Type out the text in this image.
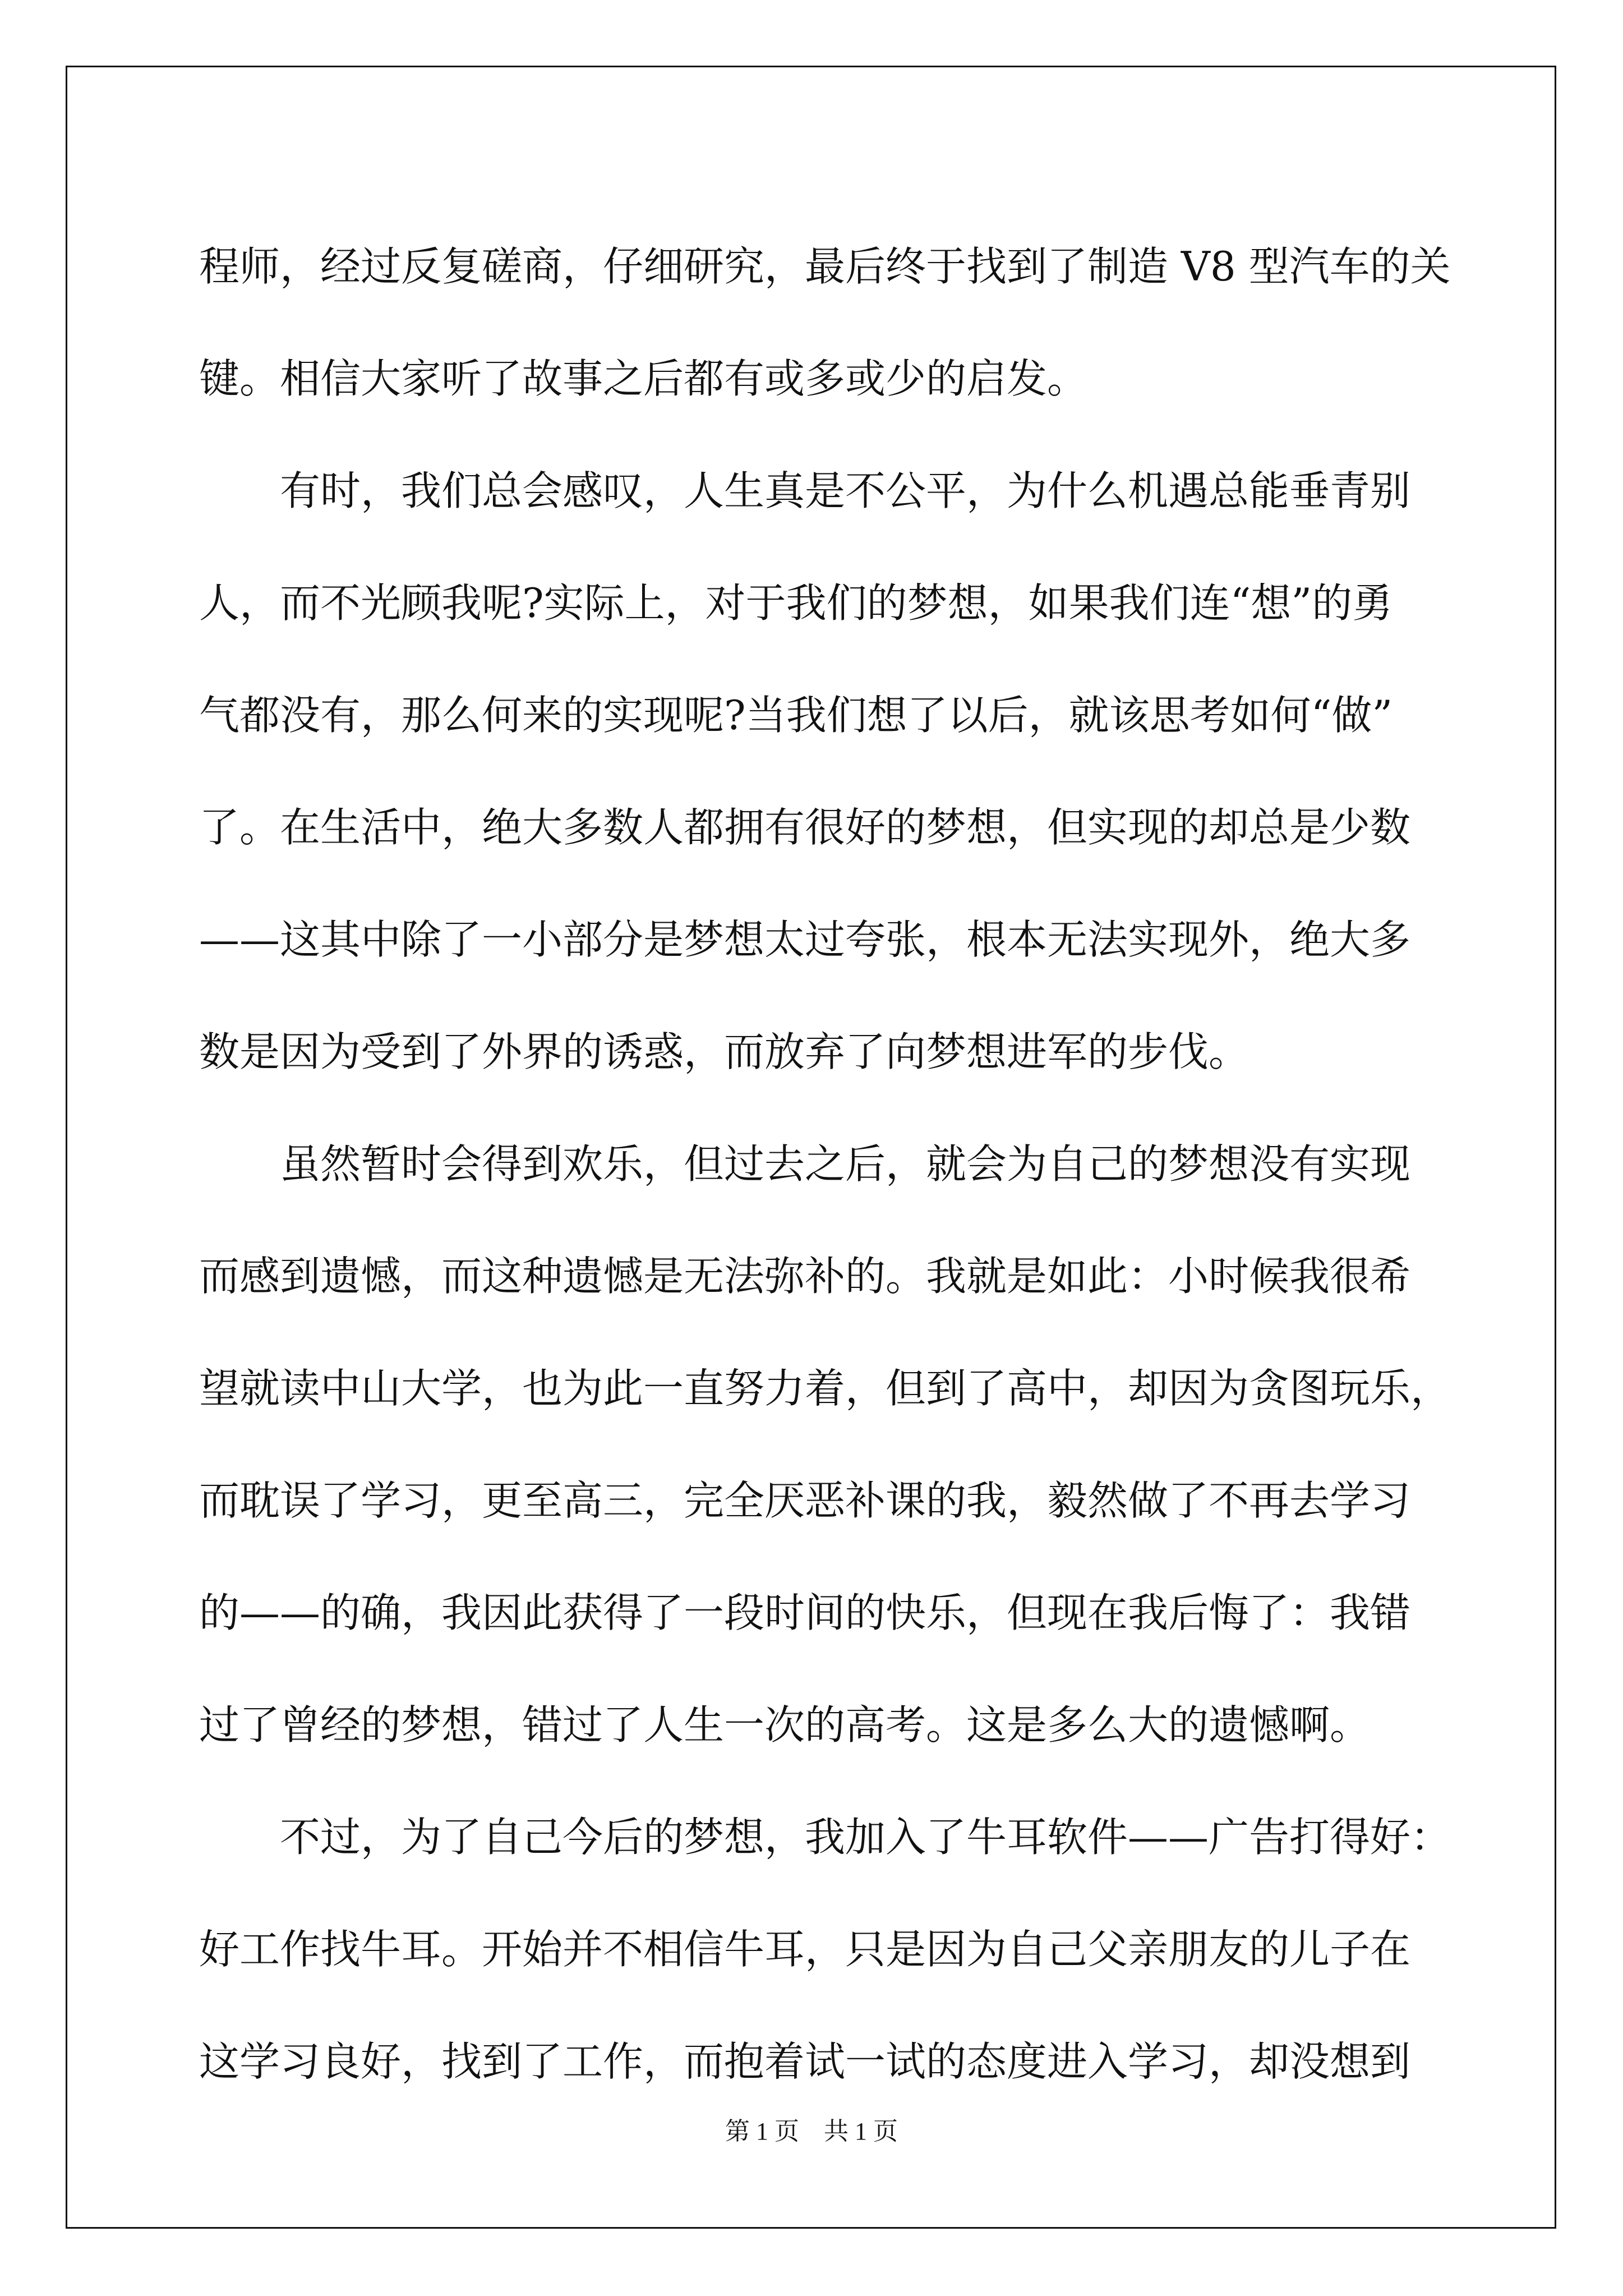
程师，经过反复磋商，仔细研究，最后终于找到了制造 V8 型汽车的关
键。相信大家听了故事之后都有或多或少的启发。
有时，我们总会感叹，人生真是不公平，为什么机遇总能垂青别
人，而不光顾我呢?实际上，对于我们的梦想，如果我们连“想”的勇
气都没有，那么何来的实现呢?当我们想了以后，就该思考如何“做”
了。在生活中，绝大多数人都拥有很好的梦想，但实现的却总是少数
——这其中除了一小部分是梦想太过夸张，根本无法实现外，绝大多
数是因为受到了外界的诱惑，而放弃了向梦想进军的步伐。
虽然暂时会得到欢乐，但过去之后，就会为自己的梦想没有实现
而感到遗憾，而这种遗憾是无法弥补的。我就是如此：小时候我很希
望就读中山大学，也为此一直努力着，但到了高中，却因为贪图玩乐，
而耽误了学习，更至高三，完全厌恶补课的我，毅然做了不再去学习
的——的确，我因此获得了一段时间的快乐，但现在我后悔了：我错
过了曾经的梦想，错过了人生一次的高考。这是多么大的遗憾啊。
不过，为了自己今后的梦想，我加入了牛耳软件——广告打得好：
好工作找牛耳。开始并不相信牛耳，只是因为自己父亲朋友的儿子在
这学习良好，找到了工作，而抱着试一试的态度进入学习，却没想到
第 1 页　共 1 页
